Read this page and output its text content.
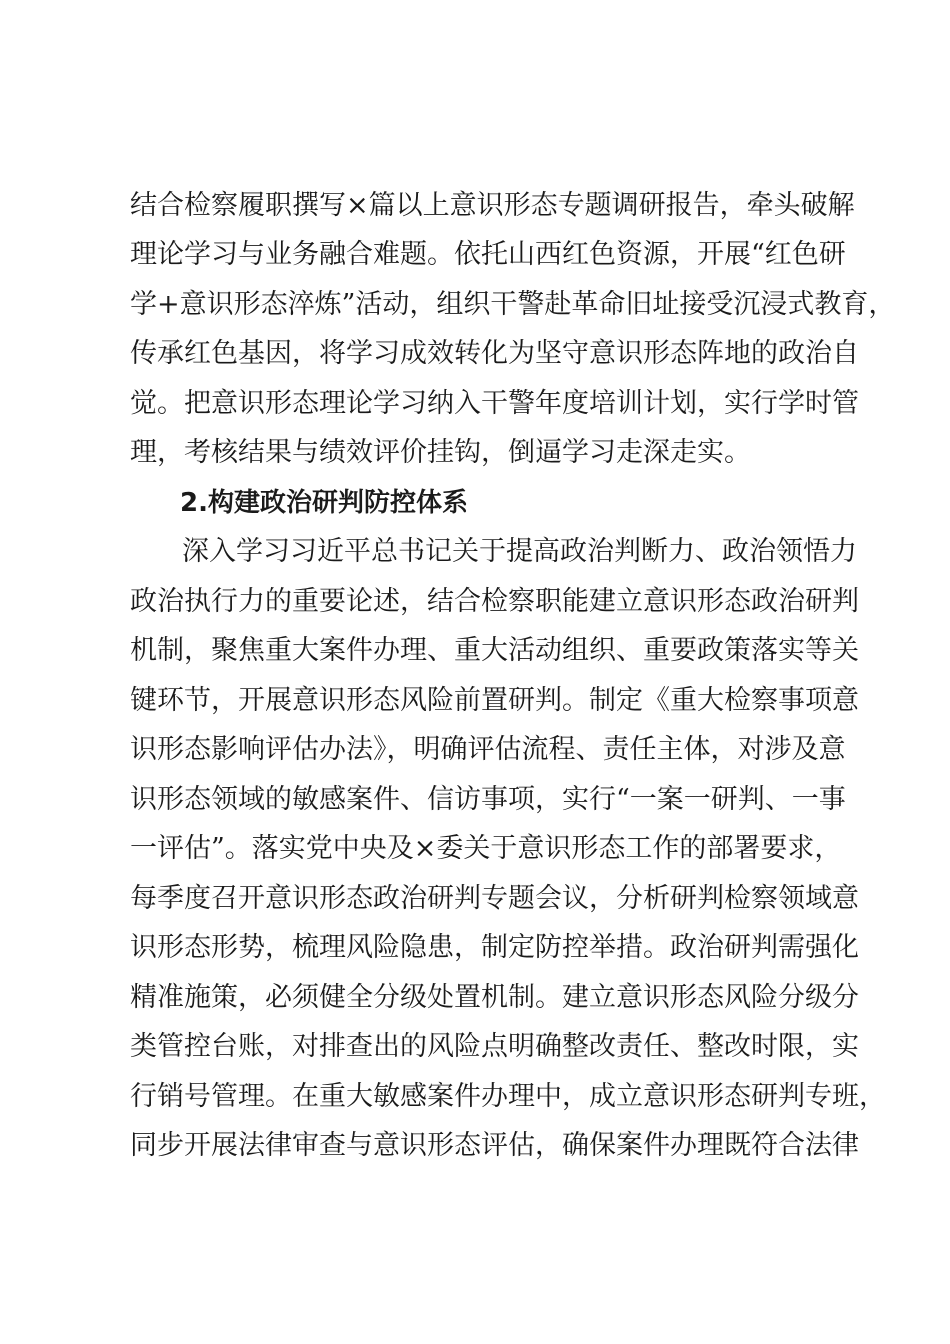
结合检察履职撰写×篇以上意识形态专题调研报告，牵头破解
理论学习与业务融合难题。依托山西红色资源，开展“红色研
学+意识形态淬炼”活动，组织干警赴革命旧址接受沉浸式教育，
传承红色基因，将学习成效转化为坚守意识形态阵地的政治自
觉。把意识形态理论学习纳入干警年度培训计划，实行学时管
理，考核结果与绩效评价挂钩，倒逼学习走深走实。
2.构建政治研判防控体系
深入学习习近平总书记关于提高政治判断力、政治领悟力
政治执行力的重要论述，结合检察职能建立意识形态政治研判
机制，聚焦重大案件办理、重大活动组织、重要政策落实等关
键环节，开展意识形态风险前置研判。制定《重大检察事项意
识形态影响评估办法》，明确评估流程、责任主体，对涉及意
识形态领域的敏感案件、信访事项，实行“一案一研判、一事
一评估”。落实党中央及×委关于意识形态工作的部署要求，
每季度召开意识形态政治研判专题会议，分析研判检察领域意
识形态形势，梳理风险隐患，制定防控举措。政治研判需强化
精准施策，必须健全分级处置机制。建立意识形态风险分级分
类管控台账，对排查出的风险点明确整改责任、整改时限，实
行销号管理。在重大敏感案件办理中，成立意识形态研判专班，
同步开展法律审查与意识形态评估，确保案件办理既符合法律
